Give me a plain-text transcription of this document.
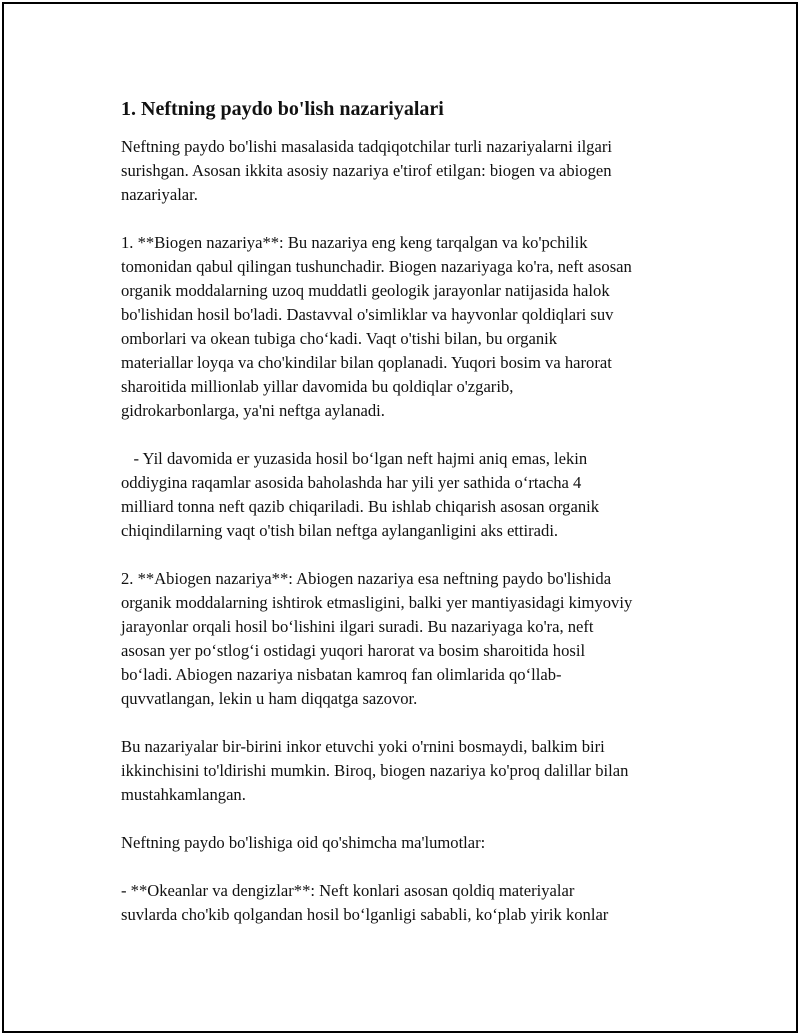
1. Neftning paydo bo'lish nazariyalari

Neftning paydo bo'lishi masalasida tadqiqotchilar turli nazariyalarni ilgari
surishgan. Asosan ikkita asosiy nazariya e'tirof etilgan: biogen va abiogen
nazariyalar.

1. **Biogen nazariya**: Bu nazariya eng keng tarqalgan va ko'pchilik
tomonidan qabul qilingan tushunchadir. Biogen nazariyaga ko'ra, neft asosan
organik moddalarning uzoq muddatli geologik jarayonlar natijasida halok
bo'lishidan hosil bo'ladi. Dastavval o'simliklar va hayvonlar qoldiqlari suv
omborlari va okean tubiga cho‘kadi. Vaqt o'tishi bilan, bu organik
materiallar loyqa va cho'kindilar bilan qoplanadi. Yuqori bosim va harorat
sharoitida millionlab yillar davomida bu qoldiqlar o'zgarib,
gidrokarbonlarga, ya'ni neftga aylanadi.

- Yil davomida er yuzasida hosil bo‘lgan neft hajmi aniq emas, lekin
oddiygina raqamlar asosida baholashda har yili yer sathida o‘rtacha 4
milliard tonna neft qazib chiqariladi. Bu ishlab chiqarish asosan organik
chiqindilarning vaqt o'tish bilan neftga aylanganligini aks ettiradi.

2. **Abiogen nazariya**: Abiogen nazariya esa neftning paydo bo'lishida
organik moddalarning ishtirok etmasligini, balki yer mantiyasidagi kimyoviy
jarayonlar orqali hosil bo‘lishini ilgari suradi. Bu nazariyaga ko'ra, neft
asosan yer po‘stlog‘i ostidagi yuqori harorat va bosim sharoitida hosil
bo‘ladi. Abiogen nazariya nisbatan kamroq fan olimlarida qo‘llab-
quvvatlangan, lekin u ham diqqatga sazovor.

Bu nazariyalar bir-birini inkor etuvchi yoki o'rnini bosmaydi, balkim biri
ikkinchisini to'ldirishi mumkin. Biroq, biogen nazariya ko'proq dalillar bilan
mustahkamlangan.

Neftning paydo bo'lishiga oid qo'shimcha ma'lumotlar:

- **Okeanlar va dengizlar**: Neft konlari asosan qoldiq materiyalar
suvlarda cho'kib qolgandan hosil bo‘lganligi sababli, ko‘plab yirik konlar
